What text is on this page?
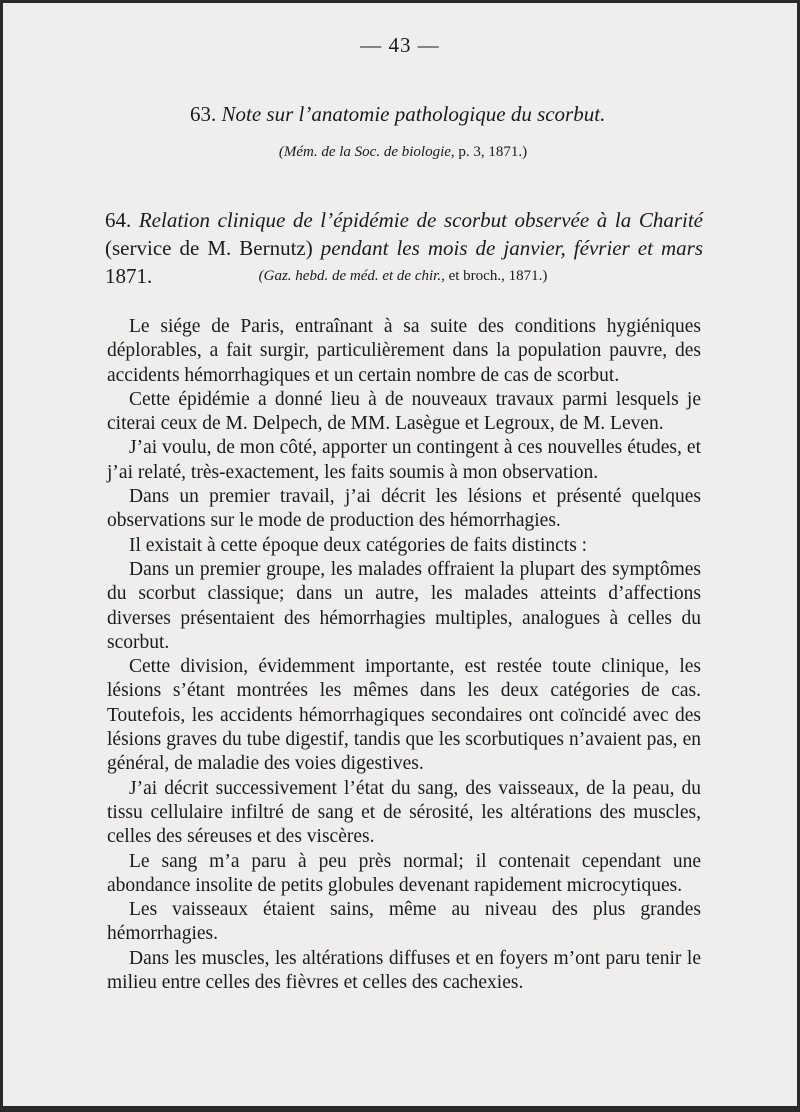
— 43 —
63. Note sur l’anatomie pathologique du scorbut.
(Mém. de la Soc. de biologie, p. 3, 1871.)
64. Relation clinique de l’épidémie de scorbut observée à la Charité (service de M. Bernutz) pendant les mois de janvier, février et mars 1871.	(Gaz. hebd. de méd. et de chir., et broch., 1871.)

Le siége de Paris, entraînant à sa suite des conditions hygiéniques déplorables, a fait surgir, particulièrement dans la population pauvre, des accidents hémorrhagiques et un certain nombre de cas de scorbut.

Cette épidémie a donné lieu à de nouveaux travaux parmi lesquels je citerai ceux de M. Delpech, de MM. Lasègue et Legroux, de M. Leven.

J’ai voulu, de mon côté, apporter un contingent à ces nouvelles études, et j’ai relaté, très-exactement, les faits soumis à mon observation.

Dans un premier travail, j’ai décrit les lésions et présenté quelques observations sur le mode de production des hémorrhagies.

Il existait à cette époque deux catégories de faits distincts :

Dans un premier groupe, les malades offraient la plupart des symptômes du scorbut classique; dans un autre, les malades atteints d’affections diverses présentaient des hémorrhagies multiples, analogues à celles du scorbut.

Cette division, évidemment importante, est restée toute clinique, les lésions s’étant montrées les mêmes dans les deux catégories de cas. Toutefois, les accidents hémorrhagiques secondaires ont coïncidé avec des lésions graves du tube digestif, tandis que les scorbutiques n’avaient pas, en général, de maladie des voies digestives.

J’ai décrit successivement l’état du sang, des vaisseaux, de la peau, du tissu cellulaire infiltré de sang et de sérosité, les altérations des muscles, celles des séreuses et des viscères.

Le sang m’a paru à peu près normal; il contenait cependant une abondance insolite de petits globules devenant rapidement microcytiques.

Les vaisseaux étaient sains, même au niveau des plus grandes hémorrhagies.

Dans les muscles, les altérations diffuses et en foyers m’ont paru tenir le milieu entre celles des fièvres et celles des cachexies.
